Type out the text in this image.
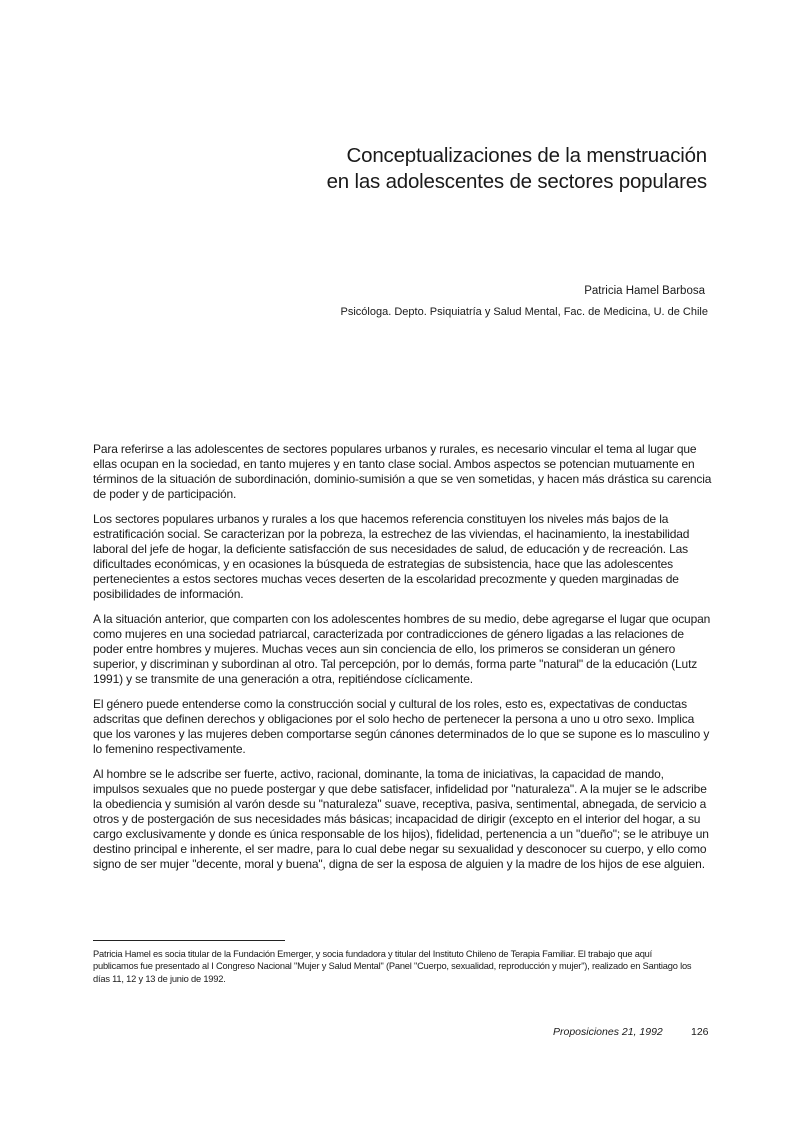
Conceptualizaciones de la menstruación
en las adolescentes de sectores populares

Patricia Hamel Barbosa

Psicóloga. Depto. Psiquiatría y Salud Mental, Fac. de Medicina, U. de Chile

Para referirse a las adolescentes de sectores populares urbanos y rurales, es necesario vincular el tema al lugar que ellas ocupan en la sociedad, en tanto mujeres y en tanto clase social. Ambos aspectos se potencian mutuamente en términos de la situación de subordinación, dominio-sumisión a que se ven sometidas, y hacen más drástica su carencia de poder y de participación.

Los sectores populares urbanos y rurales a los que hacemos referencia constituyen los niveles más bajos de la estratificación social. Se caracterizan por la pobreza, la estrechez de las viviendas, el hacinamiento, la inestabilidad laboral del jefe de hogar, la deficiente satisfacción de sus necesidades de salud, de educación y de recreación. Las dificultades económicas, y en ocasiones la búsqueda de estrategias de subsistencia, hace que las adolescentes pertenecientes a estos sectores muchas veces deserten de la escolaridad precozmente y queden marginadas de posibilidades de información.

A la situación anterior, que comparten con los adolescentes hombres de su medio, debe agregarse el lugar que ocupan como mujeres en una sociedad patriarcal, caracterizada por contradicciones de género ligadas a las relaciones de poder entre hombres y mujeres. Muchas veces aun sin conciencia de ello, los primeros se consideran un género superior, y discriminan y subordinan al otro. Tal percepción, por lo demás, forma parte "natural" de la educación (Lutz 1991) y se transmite de una generación a otra, repitiéndose cíclicamente.

El género puede entenderse como la construcción social y cultural de los roles, esto es, expectativas de conductas adscritas que definen derechos y obligaciones por el solo hecho de pertenecer la persona a uno u otro sexo. Implica que los varones y las mujeres deben comportarse según cánones determinados de lo que se supone es lo masculino y lo femenino respectivamente.

Al hombre se le adscribe ser fuerte, activo, racional, dominante, la toma de iniciativas, la capacidad de mando, impulsos sexuales que no puede postergar y que debe satisfacer, infidelidad por "naturaleza". A la mujer se le adscribe la obediencia y sumisión al varón desde su "naturaleza" suave, receptiva, pasiva, sentimental, abnegada, de servicio a otros y de postergación de sus necesidades más básicas; incapacidad de dirigir (excepto en el interior del hogar, a su cargo exclusivamente y donde es única responsable de los hijos), fidelidad, pertenencia a un "dueño"; se le atribuye un destino principal e inherente, el ser madre, para lo cual debe negar su sexualidad y desconocer su cuerpo, y ello como signo de ser mujer "decente, moral y buena", digna de ser la esposa de alguien y la madre de los hijos de ese alguien.

Patricia Hamel es socia titular de la Fundación Emerger, y socia fundadora y titular del Instituto Chileno de Terapia Familiar. El trabajo que aquí publicamos fue presentado al I Congreso Nacional "Mujer y Salud Mental" (Panel "Cuerpo, sexualidad, reproducción y mujer"), realizado en Santiago los días 11, 12 y 13 de junio de 1992.

Proposiciones 21, 1992	126
